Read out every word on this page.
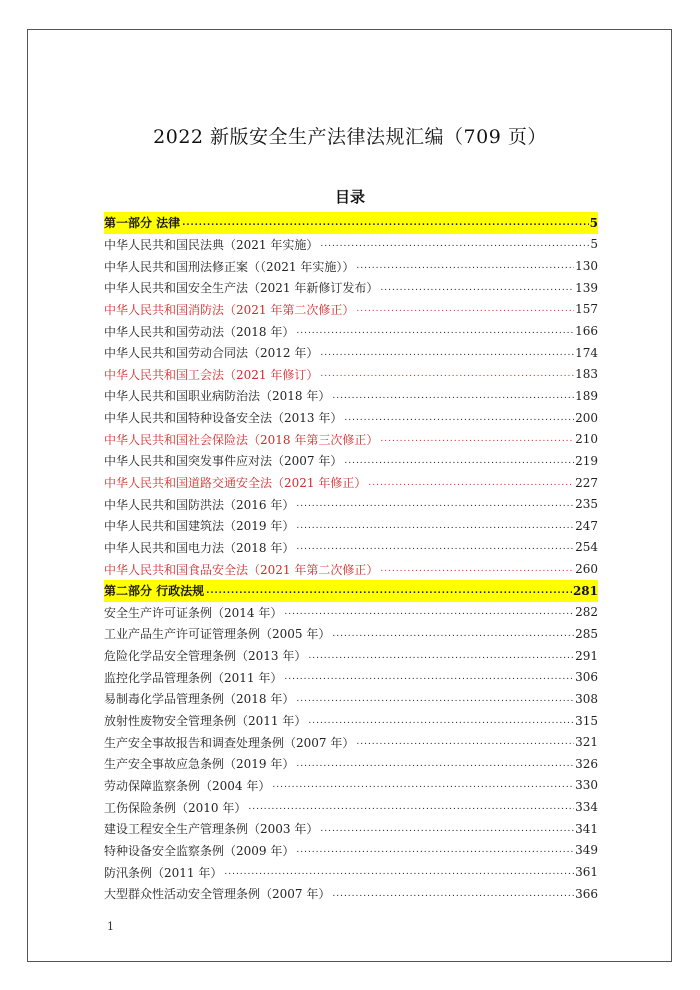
2022 新版安全生产法律法规汇编（709 页）
目录
第一部分 法律 .....	5
中华人民共和国民法典（2021 年实施） .....	5
中华人民共和国刑法修正案（（2021 年实施）） .....	130
中华人民共和国安全生产法（2021 年新修订发布） .....	139
中华人民共和国消防法（2021 年第二次修正） .....	157
中华人民共和国劳动法（2018 年） .....	166
中华人民共和国劳动合同法（2012 年） .....	174
中华人民共和国工会法（2021 年修订） .....	183
中华人民共和国职业病防治法（2018 年） .....	189
中华人民共和国特种设备安全法（2013 年） .....	200
中华人民共和国社会保险法（2018 年第三次修正） .....	210
中华人民共和国突发事件应对法（2007 年） .....	219
中华人民共和国道路交通安全法（2021 年修正） .....	227
中华人民共和国防洪法（2016 年） .....	235
中华人民共和国建筑法（2019 年） .....	247
中华人民共和国电力法（2018 年） .....	254
中华人民共和国食品安全法（2021 年第二次修正） .....	260
第二部分 行政法规 .....	281
安全生产许可证条例（2014 年） .....	282
工业产品生产许可证管理条例（2005 年） .....	285
危险化学品安全管理条例（2013 年） .....	291
监控化学品管理条例（2011 年） .....	306
易制毒化学品管理条例（2018 年） .....	308
放射性废物安全管理条例（2011 年） .....	315
生产安全事故报告和调查处理条例（2007 年） .....	321
生产安全事故应急条例（2019 年） .....	326
劳动保障监察条例（2004 年） .....	330
工伤保险条例（2010 年） .....	334
建设工程安全生产管理条例（2003 年） .....	341
特种设备安全监察条例（2009 年） .....	349
防汛条例（2011 年） .....	361
大型群众性活动安全管理条例（2007 年） .....	366
1
